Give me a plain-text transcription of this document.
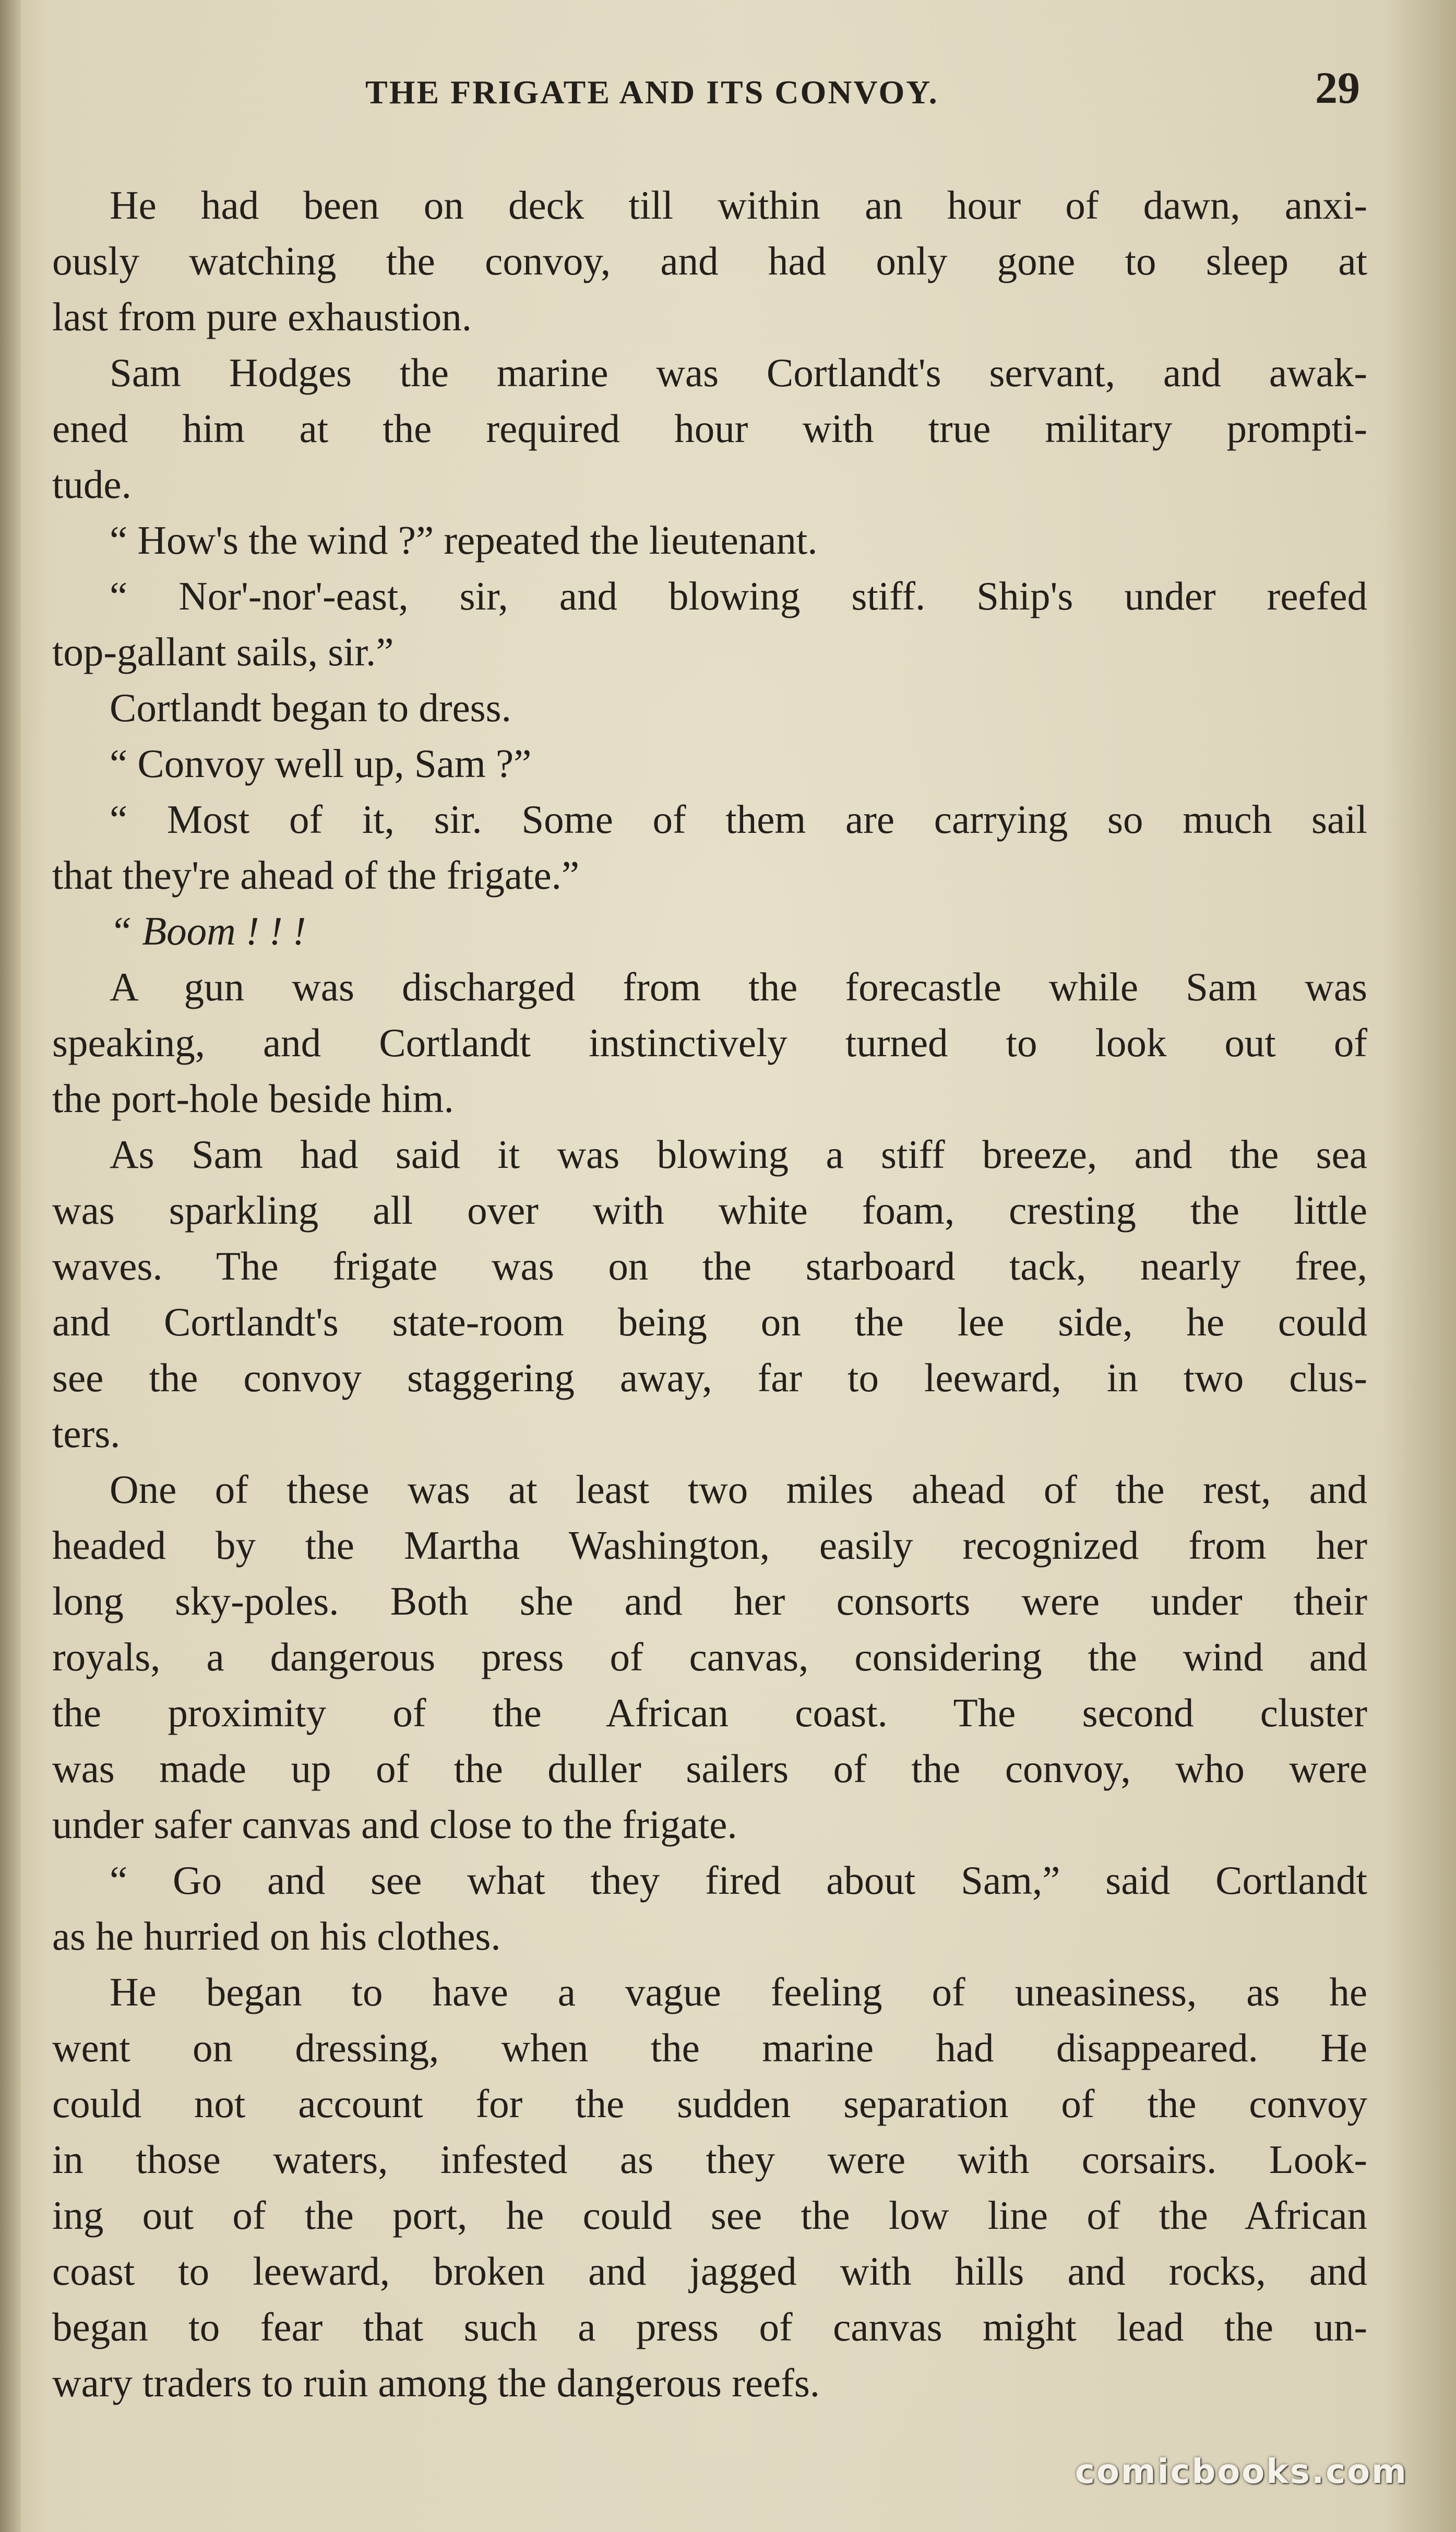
THE FRIGATE AND ITS CONVOY.	29
He had been on deck till within an hour of dawn, anxi-
ously watching the convoy, and had only gone to sleep at
last from pure exhaustion.
Sam Hodges the marine was Cortlandt's servant, and awak-
ened him at the required hour with true military prompti-
tude.
“ How's the wind ?” repeated the lieutenant.
“ Nor'-nor'-east, sir, and blowing stiff. Ship's under reefed
top-gallant sails, sir.”
Cortlandt began to dress.
“ Convoy well up, Sam ?”
“ Most of it, sir. Some of them are carrying so much sail
that they're ahead of the frigate.”
“ Boom ! ! !
A gun was discharged from the forecastle while Sam was
speaking, and Cortlandt instinctively turned to look out of
the port-hole beside him.
As Sam had said it was blowing a stiff breeze, and the sea
was sparkling all over with white foam, cresting the little
waves. The frigate was on the starboard tack, nearly free,
and Cortlandt's state-room being on the lee side, he could
see the convoy staggering away, far to leeward, in two clus-
ters.
One of these was at least two miles ahead of the rest, and
headed by the Martha Washington, easily recognized from her
long sky-poles. Both she and her consorts were under their
royals, a dangerous press of canvas, considering the wind and
the proximity of the African coast. The second cluster
was made up of the duller sailers of the convoy, who were
under safer canvas and close to the frigate.
“ Go and see what they fired about Sam,” said Cortlandt
as he hurried on his clothes.
He began to have a vague feeling of uneasiness, as he
went on dressing, when the marine had disappeared. He
could not account for the sudden separation of the convoy
in those waters, infested as they were with corsairs. Look-
ing out of the port, he could see the low line of the African
coast to leeward, broken and jagged with hills and rocks, and
began to fear that such a press of canvas might lead the un-
wary traders to ruin among the dangerous reefs.
comicbooks.com
